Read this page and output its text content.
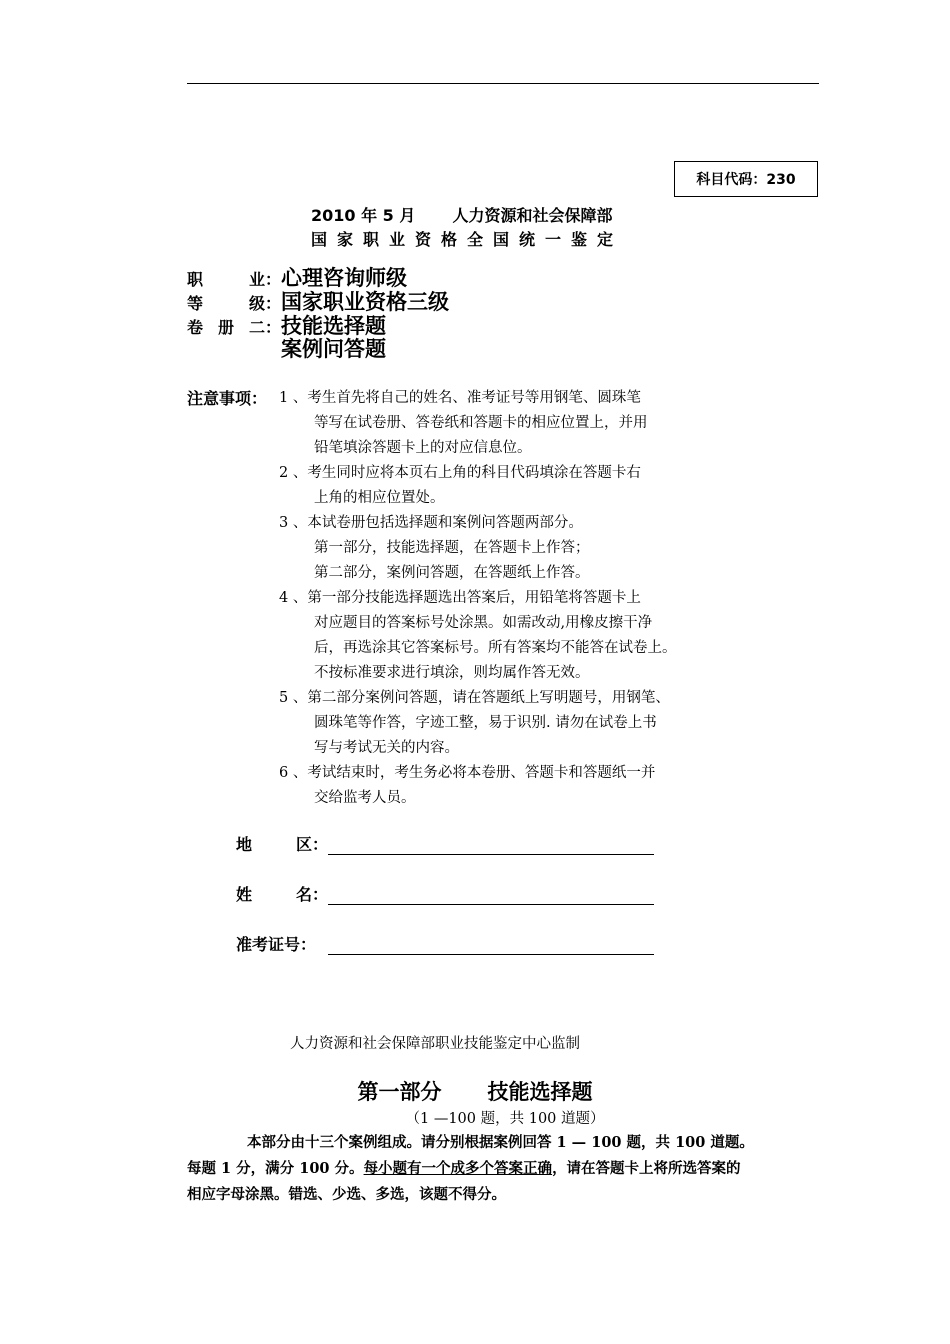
科目代码：230
2010 年 5 月 人力资源和社会保障部
国家职业资格全国统一鉴定
职	业： 心理咨询师级
等	级： 国家职业资格三级
卷 册 二： 技能选择题
案例问答题
注意事项： 1 、考生首先将自己的姓名、准考证号等用钢笔、圆珠笔
等写在试卷册、答卷纸和答题卡的相应位置上，并用
铅笔填涂答题卡上的对应信息位。
2 、考生同时应将本页右上角的科目代码填涂在答题卡右
上角的相应位置处。
3 、本试卷册包括选择题和案例问答题两部分。
第一部分，技能选择题，在答题卡上作答；
第二部分，案例问答题，在答题纸上作答。
4 、第一部分技能选择题选出答案后，用铅笔将答题卡上
对应题目的答案标号处涂黑。如需改动,用橡皮擦干净
后，再选涂其它答案标号。所有答案均不能答在试卷上。
不按标准要求进行填涂，则均属作答无效。
5 、第二部分案例问答题，请在答题纸上写明题号，用钢笔、
圆珠笔等作答，字迹工整，易于识别. 请勿在试卷上书
写与考试无关的内容。
6 、考试结束时，考生务必将本卷册、答题卡和答题纸一并
交给监考人员。
地	区：
姓	名：
准考证号：
人力资源和社会保障部职业技能鉴定中心监制
第一部分 技能选择题
（1 —100 题，共 100 道题）
本部分由十三个案例组成。请分别根据案例回答 1 — 100 题，共 100 道题。
每题 1 分，满分 100 分。每小题有一个成多个答案正确，请在答题卡上将所选答案的
相应字母涂黑。错选、少选、多选，该题不得分。
